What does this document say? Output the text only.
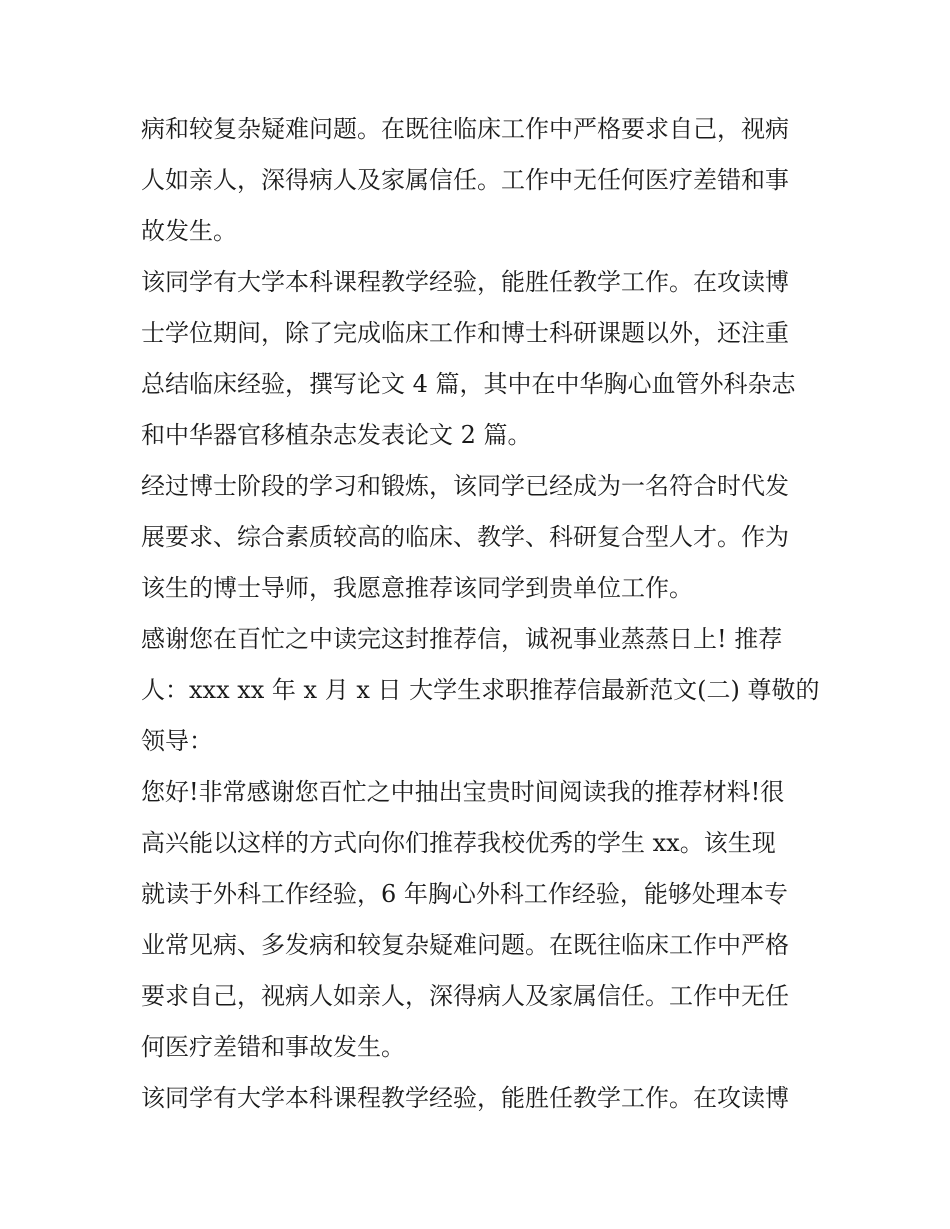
病和较复杂疑难问题。在既往临床工作中严格要求自己，视病
人如亲人，深得病人及家属信任。工作中无任何医疗差错和事
故发生。
该同学有大学本科课程教学经验，能胜任教学工作。在攻读博
士学位期间，除了完成临床工作和博士科研课题以外，还注重
总结临床经验，撰写论文 4 篇，其中在中华胸心血管外科杂志
和中华器官移植杂志发表论文 2 篇。
经过博士阶段的学习和锻炼，该同学已经成为一名符合时代发
展要求、综合素质较高的临床、教学、科研复合型人才。作为
该生的博士导师，我愿意推荐该同学到贵单位工作。
感谢您在百忙之中读完这封推荐信，诚祝事业蒸蒸日上! 推荐
人：xxx xx 年 x 月 x 日 大学生求职推荐信最新范文(二) 尊敬的
领导：
您好!非常感谢您百忙之中抽出宝贵时间阅读我的推荐材料!很
高兴能以这样的方式向你们推荐我校优秀的学生 xx。该生现
就读于外科工作经验，6 年胸心外科工作经验，能够处理本专
业常见病、多发病和较复杂疑难问题。在既往临床工作中严格
要求自己，视病人如亲人，深得病人及家属信任。工作中无任
何医疗差错和事故发生。
该同学有大学本科课程教学经验，能胜任教学工作。在攻读博
